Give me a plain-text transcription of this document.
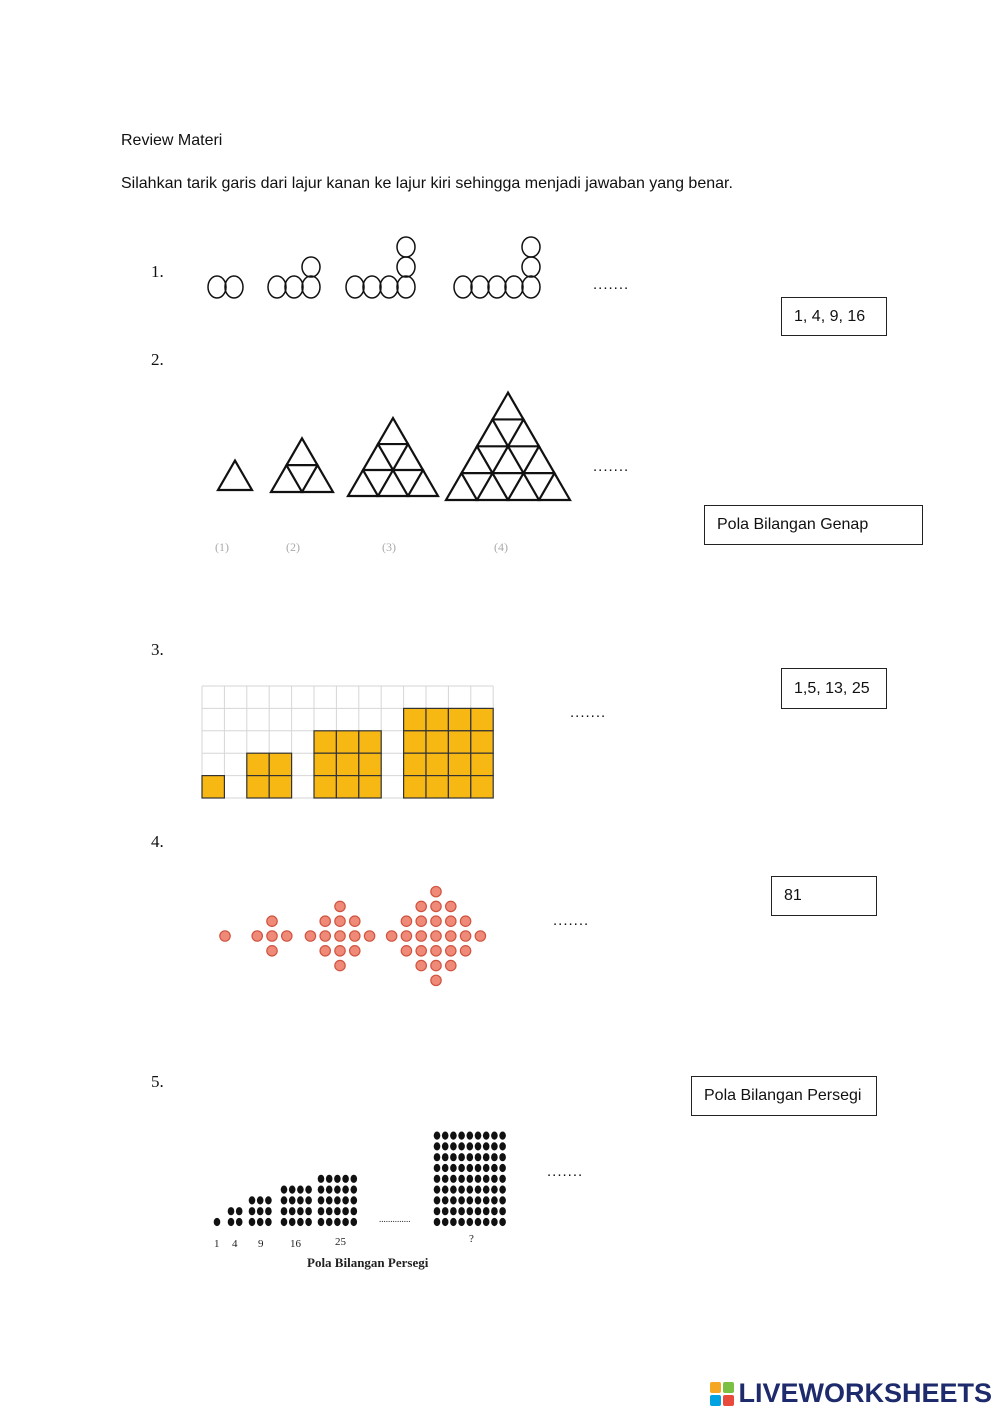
Review Materi
Silahkan tarik garis dari lajur kanan ke lajur kiri sehingga menjadi jawaban yang benar.
1.
.......
2.
.......
(1)	(2)	(3)	(4)
3.
.......
4.
.......
5.
.......
1 4 9 16	25	?
..............
Pola Bilangan Persegi
1, 4, 9, 16
Pola Bilangan Genap
1,5, 13, 25
81
Pola Bilangan Persegi
LIVEWORKSHEETS
